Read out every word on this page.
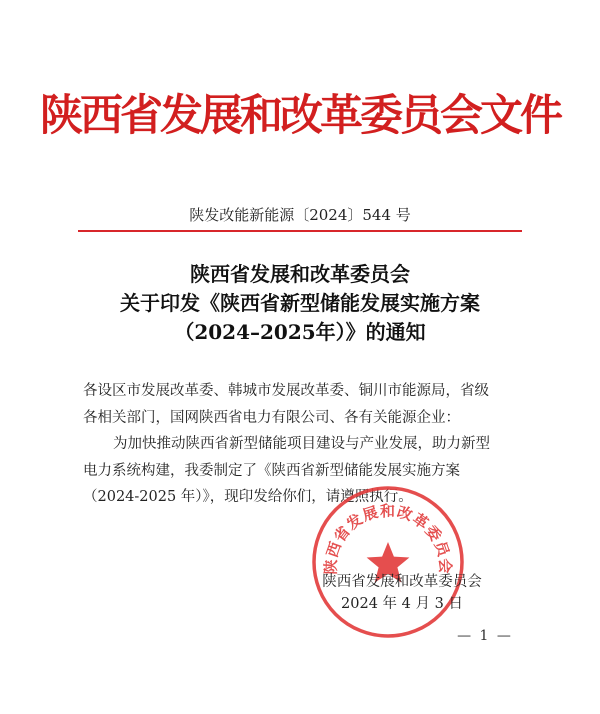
陕西省发展和改革委员会文件
陕发改能新能源〔2024〕544 号
陕西省发展和改革委员会
关于印发《陕西省新型储能发展实施方案
（2024–2025年）》的通知

各设区市发展改革委、韩城市发展改革委、铜川市能源局，省级

各相关部门，国网陕西省电力有限公司、各有关能源企业：

为加快推动陕西省新型储能项目建设与产业发展，助力新型

电力系统构建，我委制定了《陕西省新型储能发展实施方案

（2024-2025 年）》，现印发给你们，请遵照执行。

陕西省发展和改革委员会
陕西省发展和改革委员会
2024 年 4 月 3 日
— 1 —
